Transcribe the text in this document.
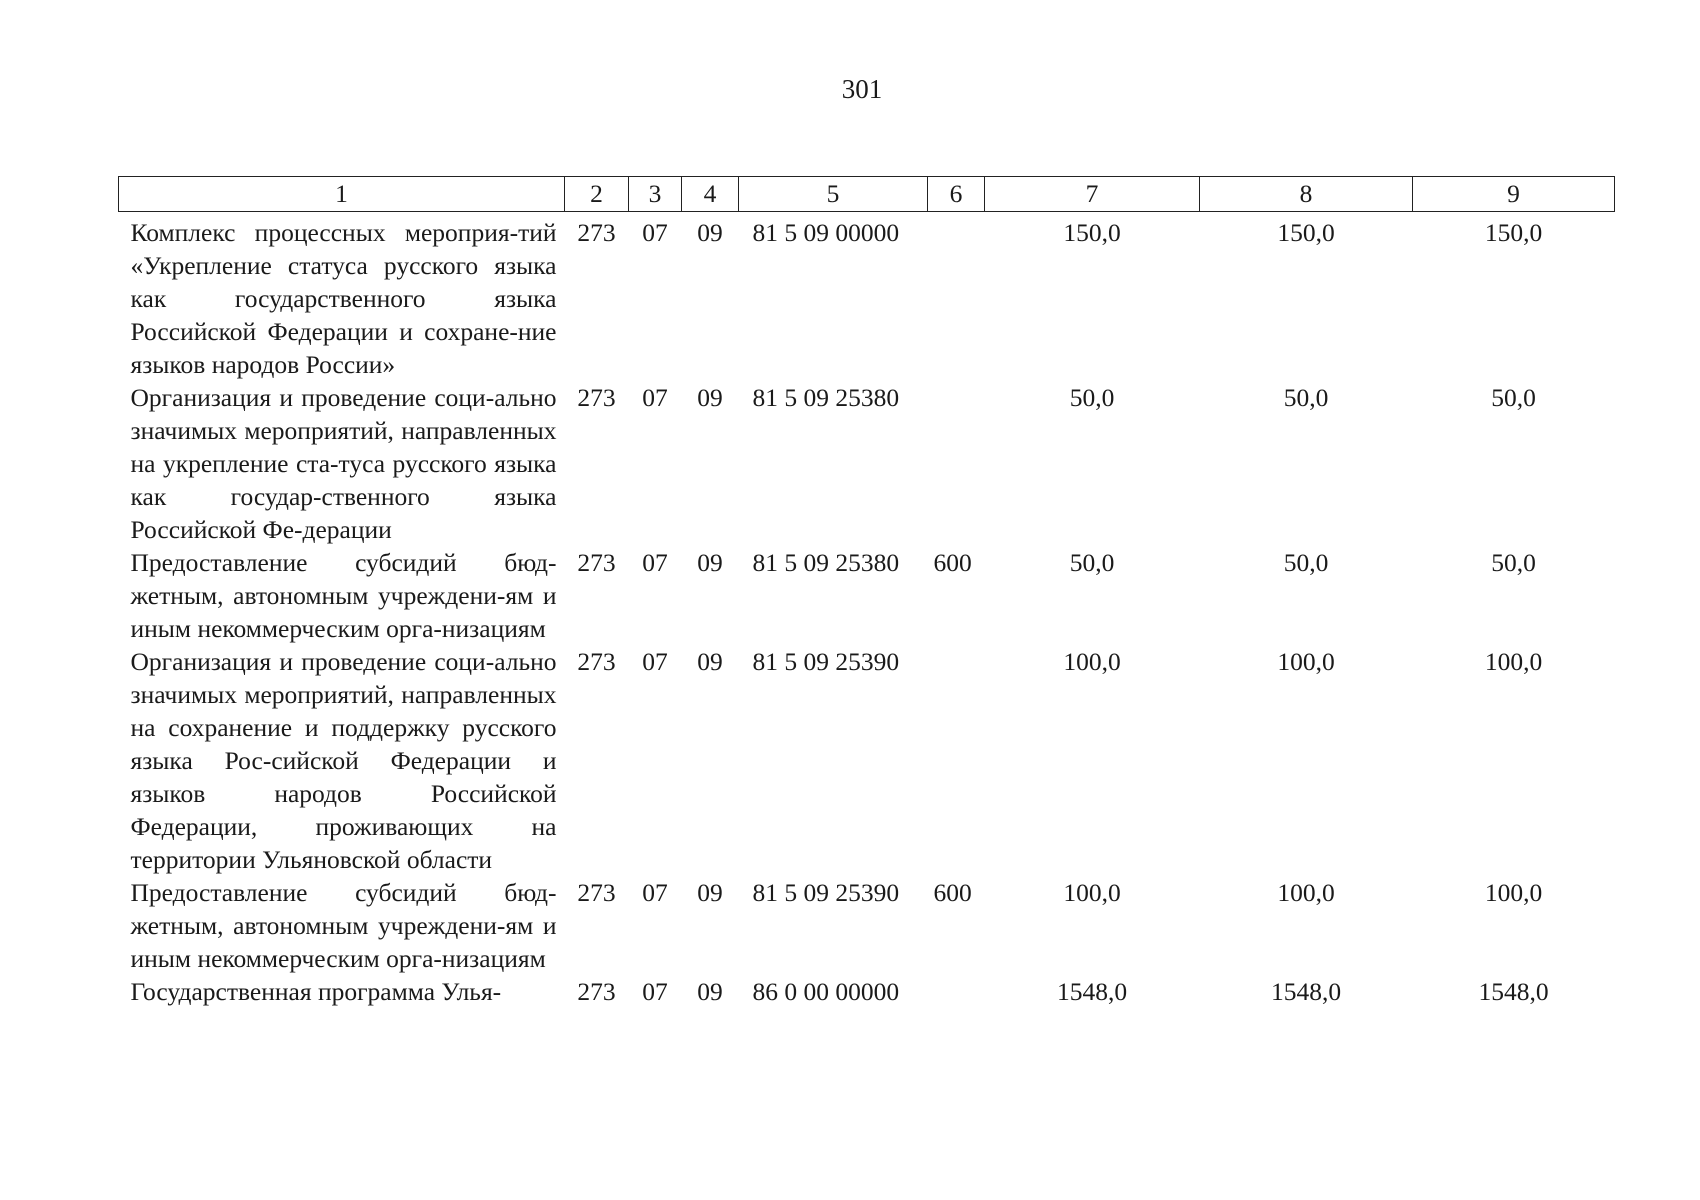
301
1	2	3	4	5	6	7	8	9
Комплекс процессных мероприя-тий «Укрепление статуса русского языка как государственного языка Российской Федерации и сохране-ние языков народов России»	273	07	09	81 5 09 00000		150,0	150,0	150,0
Организация и проведение соци-ально значимых мероприятий, направленных на укрепление ста-туса русского языка как государ-ственного языка Российской Фе-дерации	273	07	09	81 5 09 25380		50,0	50,0	50,0
Предоставление субсидий бюд-жетным, автономным учреждени-ям и иным некоммерческим орга-низациям	273	07	09	81 5 09 25380	600	50,0	50,0	50,0
Организация и проведение соци-ально значимых мероприятий, направленных на сохранение и поддержку русского языка Рос-сийской Федерации и языков народов Российской Федерации, проживающих на территории Ульяновской области	273	07	09	81 5 09 25390		100,0	100,0	100,0
Предоставление субсидий бюд-жетным, автономным учреждени-ям и иным некоммерческим орга-низациям	273	07	09	81 5 09 25390	600	100,0	100,0	100,0
Государственная программа Улья-	273	07	09	86 0 00 00000		1548,0	1548,0	1548,0
